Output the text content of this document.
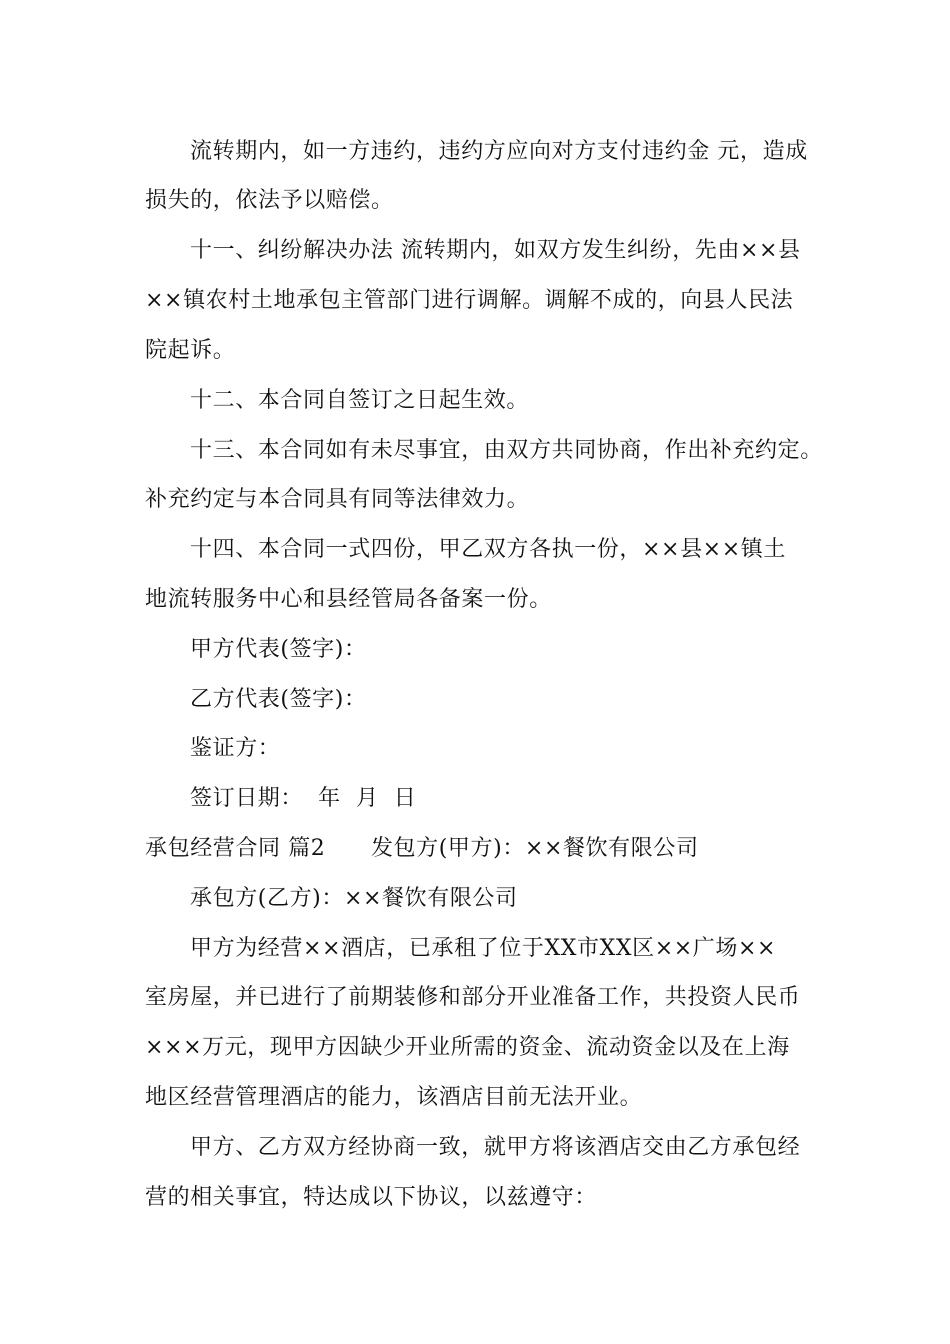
流转期内，如一方违约，违约方应向对方支付违约金 元，造成
损失的，依法予以赔偿。
十一、纠纷解决办法 流转期内，如双方发生纠纷，先由××县
××镇农村土地承包主管部门进行调解。调解不成的，向县人民法
院起诉。
十二、本合同自签订之日起生效。
十三、本合同如有未尽事宜，由双方共同协商，作出补充约定。
补充约定与本合同具有同等法律效力。
十四、本合同一式四份，甲乙双方各执一份，××县××镇土
地流转服务中心和县经管局各备案一份。
甲方代表(签字)：
乙方代表(签字)：
鉴证方：
签订日期：  年  月  日
承包经营合同 篇2      发包方(甲方)：××餐饮有限公司
承包方(乙方)：××餐饮有限公司
甲方为经营××酒店，已承租了位于XX市XX区××广场××
室房屋，并已进行了前期装修和部分开业准备工作，共投资人民币
×××万元，现甲方因缺少开业所需的资金、流动资金以及在上海
地区经营管理酒店的能力，该酒店目前无法开业。
甲方、乙方双方经协商一致，就甲方将该酒店交由乙方承包经
营的相关事宜，特达成以下协议，以兹遵守：
